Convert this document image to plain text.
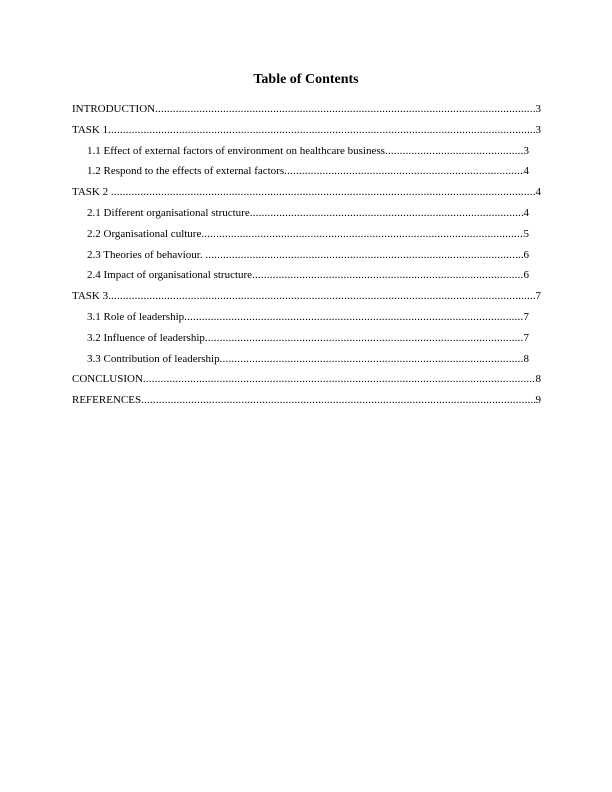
Table of Contents
INTRODUCTION .....	3
TASK 1 .....	3
1.1 Effect of external factors of environment on healthcare business .....	3
1.2 Respond to the effects of external factors .....	4
TASK 2 .....	4
2.1 Different organisational structure .....	4
2.2 Organisational culture .....	5
2.3 Theories of behaviour. .....	6
2.4 Impact of organisational structure .....	6
TASK 3 .....	7
3.1 Role of leadership .....	7
3.2 Influence of leadership .....	7
3.3 Contribution of leadership .....	8
CONCLUSION .....	8
REFERENCES .....	9
